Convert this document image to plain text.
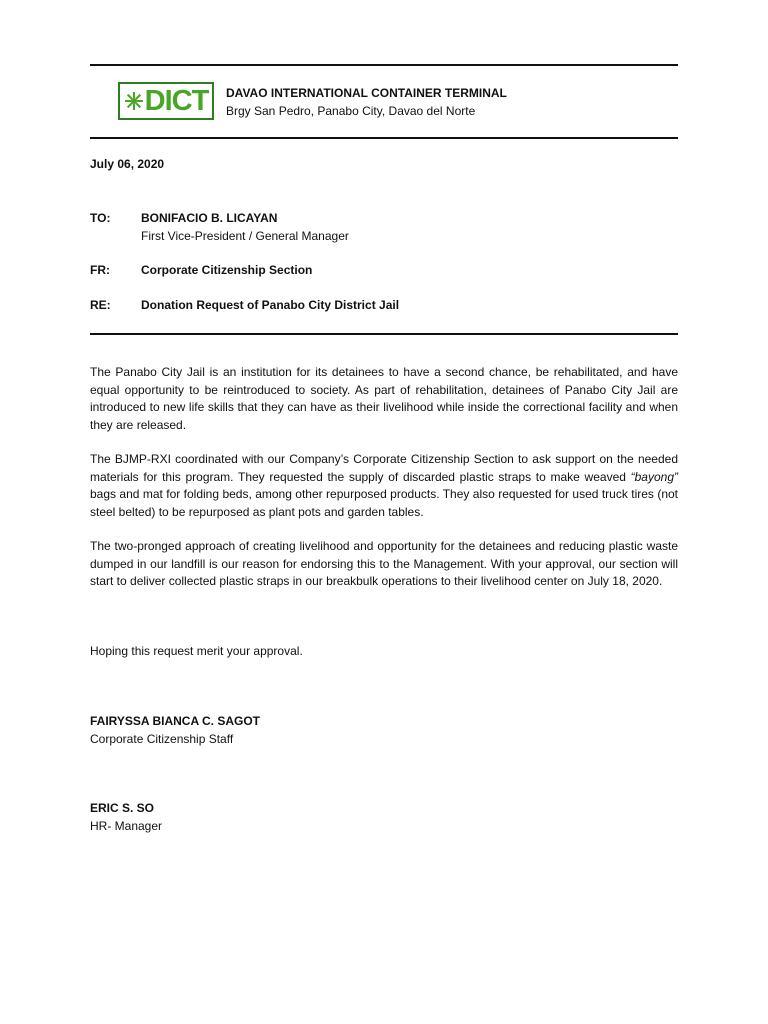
DICT DAVAO INTERNATIONAL CONTAINER TERMINAL
Brgy San Pedro, Panabo City, Davao del Norte
July 06, 2020
TO:	BONIFACIO B. LICAYAN
First Vice-President / General Manager
FR:	Corporate Citizenship Section
RE:	Donation Request of Panabo City District Jail

The Panabo City Jail is an institution for its detainees to have a second chance, be rehabilitated, and have equal opportunity to be reintroduced to society. As part of rehabilitation, detainees of Panabo City Jail are introduced to new life skills that they can have as their livelihood while inside the correctional facility and when they are released.

The BJMP-RXI coordinated with our Company’s Corporate Citizenship Section to ask support on the needed materials for this program. They requested the supply of discarded plastic straps to make weaved “bayong” bags and mat for folding beds, among other repurposed products. They also requested for used truck tires (not steel belted) to be repurposed as plant pots and garden tables.

The two-pronged approach of creating livelihood and opportunity for the detainees and reducing plastic waste dumped in our landfill is our reason for endorsing this to the Management. With your approval, our section will start to deliver collected plastic straps in our breakbulk operations to their livelihood center on July 18, 2020.

Hoping this request merit your approval.

FAIRYSSA BIANCA C. SAGOT
Corporate Citizenship Staff
ERIC S. SO
HR- Manager
